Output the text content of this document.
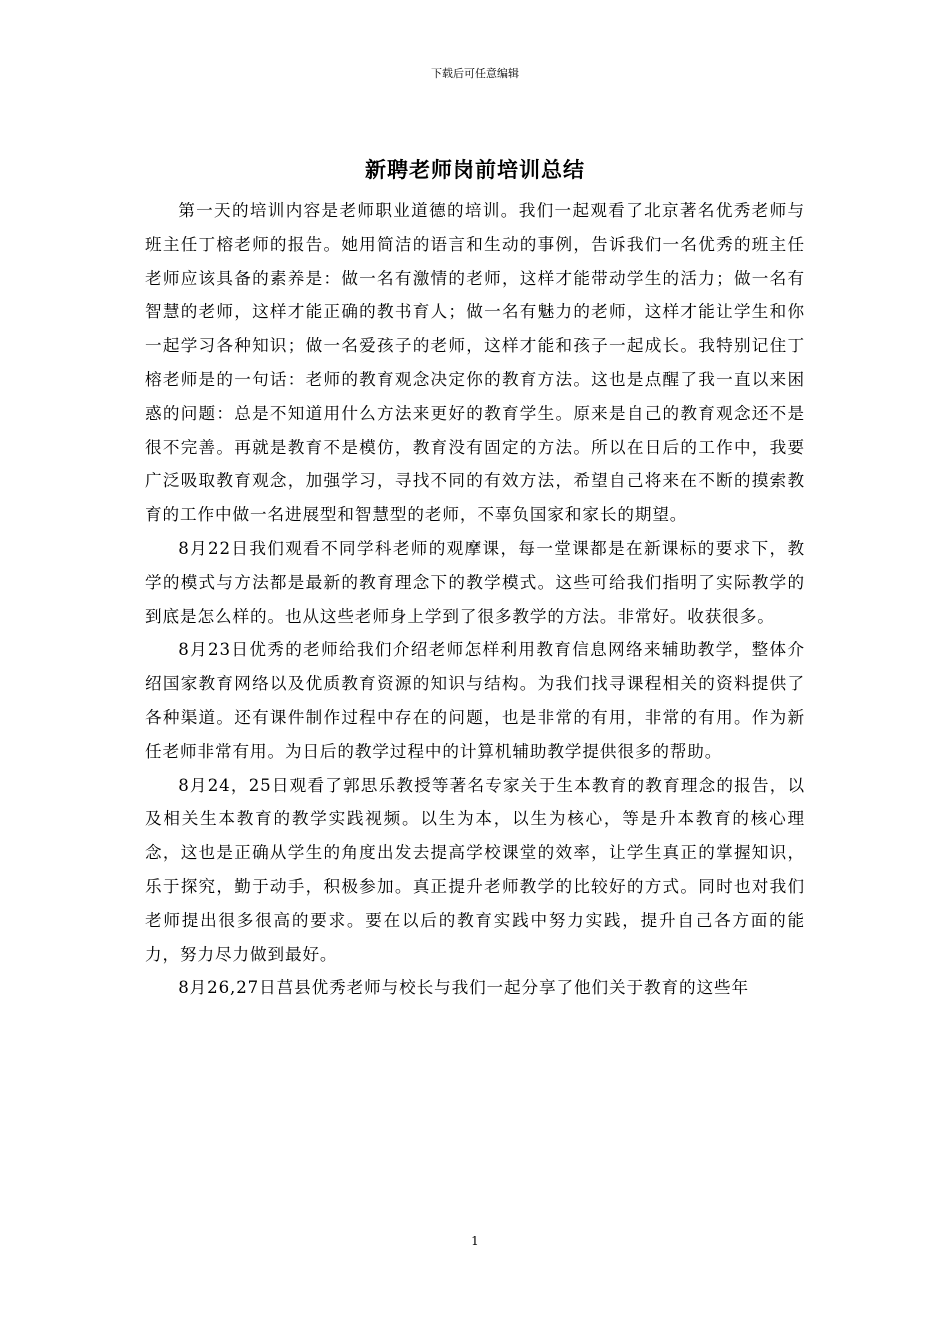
下载后可任意编辑
新聘老师岗前培训总结

第一天的培训内容是老师职业道德的培训。我们一起观看了北京著名优秀老师与班主任丁榕老师的报告。她用简洁的语言和生动的事例，告诉我们一名优秀的班主任老师应该具备的素养是：做一名有激情的老师，这样才能带动学生的活力；做一名有智慧的老师，这样才能正确的教书育人；做一名有魅力的老师，这样才能让学生和你一起学习各种知识；做一名爱孩子的老师，这样才能和孩子一起成长。我特别记住丁榕老师是的一句话：老师的教育观念决定你的教育方法。这也是点醒了我一直以来困惑的问题：总是不知道用什么方法来更好的教育学生。原来是自己的教育观念还不是很不完善。再就是教育不是模仿，教育没有固定的方法。所以在日后的工作中，我要广泛吸取教育观念，加强学习，寻找不同的有效方法，希望自己将来在不断的摸索教育的工作中做一名进展型和智慧型的老师，不辜负国家和家长的期望。

8月22日我们观看不同学科老师的观摩课，每一堂课都是在新课标的要求下，教学的模式与方法都是最新的教育理念下的教学模式。这些可给我们指明了实际教学的到底是怎么样的。也从这些老师身上学到了很多教学的方法。非常好。收获很多。

8月23日优秀的老师给我们介绍老师怎样利用教育信息网络来辅助教学，整体介绍国家教育网络以及优质教育资源的知识与结构。为我们找寻课程相关的资料提供了各种渠道。还有课件制作过程中存在的问题，也是非常的有用，非常的有用。作为新任老师非常有用。为日后的教学过程中的计算机辅助教学提供很多的帮助。

8月24，25日观看了郭思乐教授等著名专家关于生本教育的教育理念的报告，以及相关生本教育的教学实践视频。以生为本，以生为核心，等是升本教育的核心理念，这也是正确从学生的角度出发去提高学校课堂的效率，让学生真正的掌握知识，乐于探究，勤于动手，积极参加。真正提升老师教学的比较好的方式。同时也对我们老师提出很多很高的要求。要在以后的教育实践中努力实践，提升自己各方面的能力，努力尽力做到最好。

8月26,27日莒县优秀老师与校长与我们一起分享了他们关于教育的这些年

1
